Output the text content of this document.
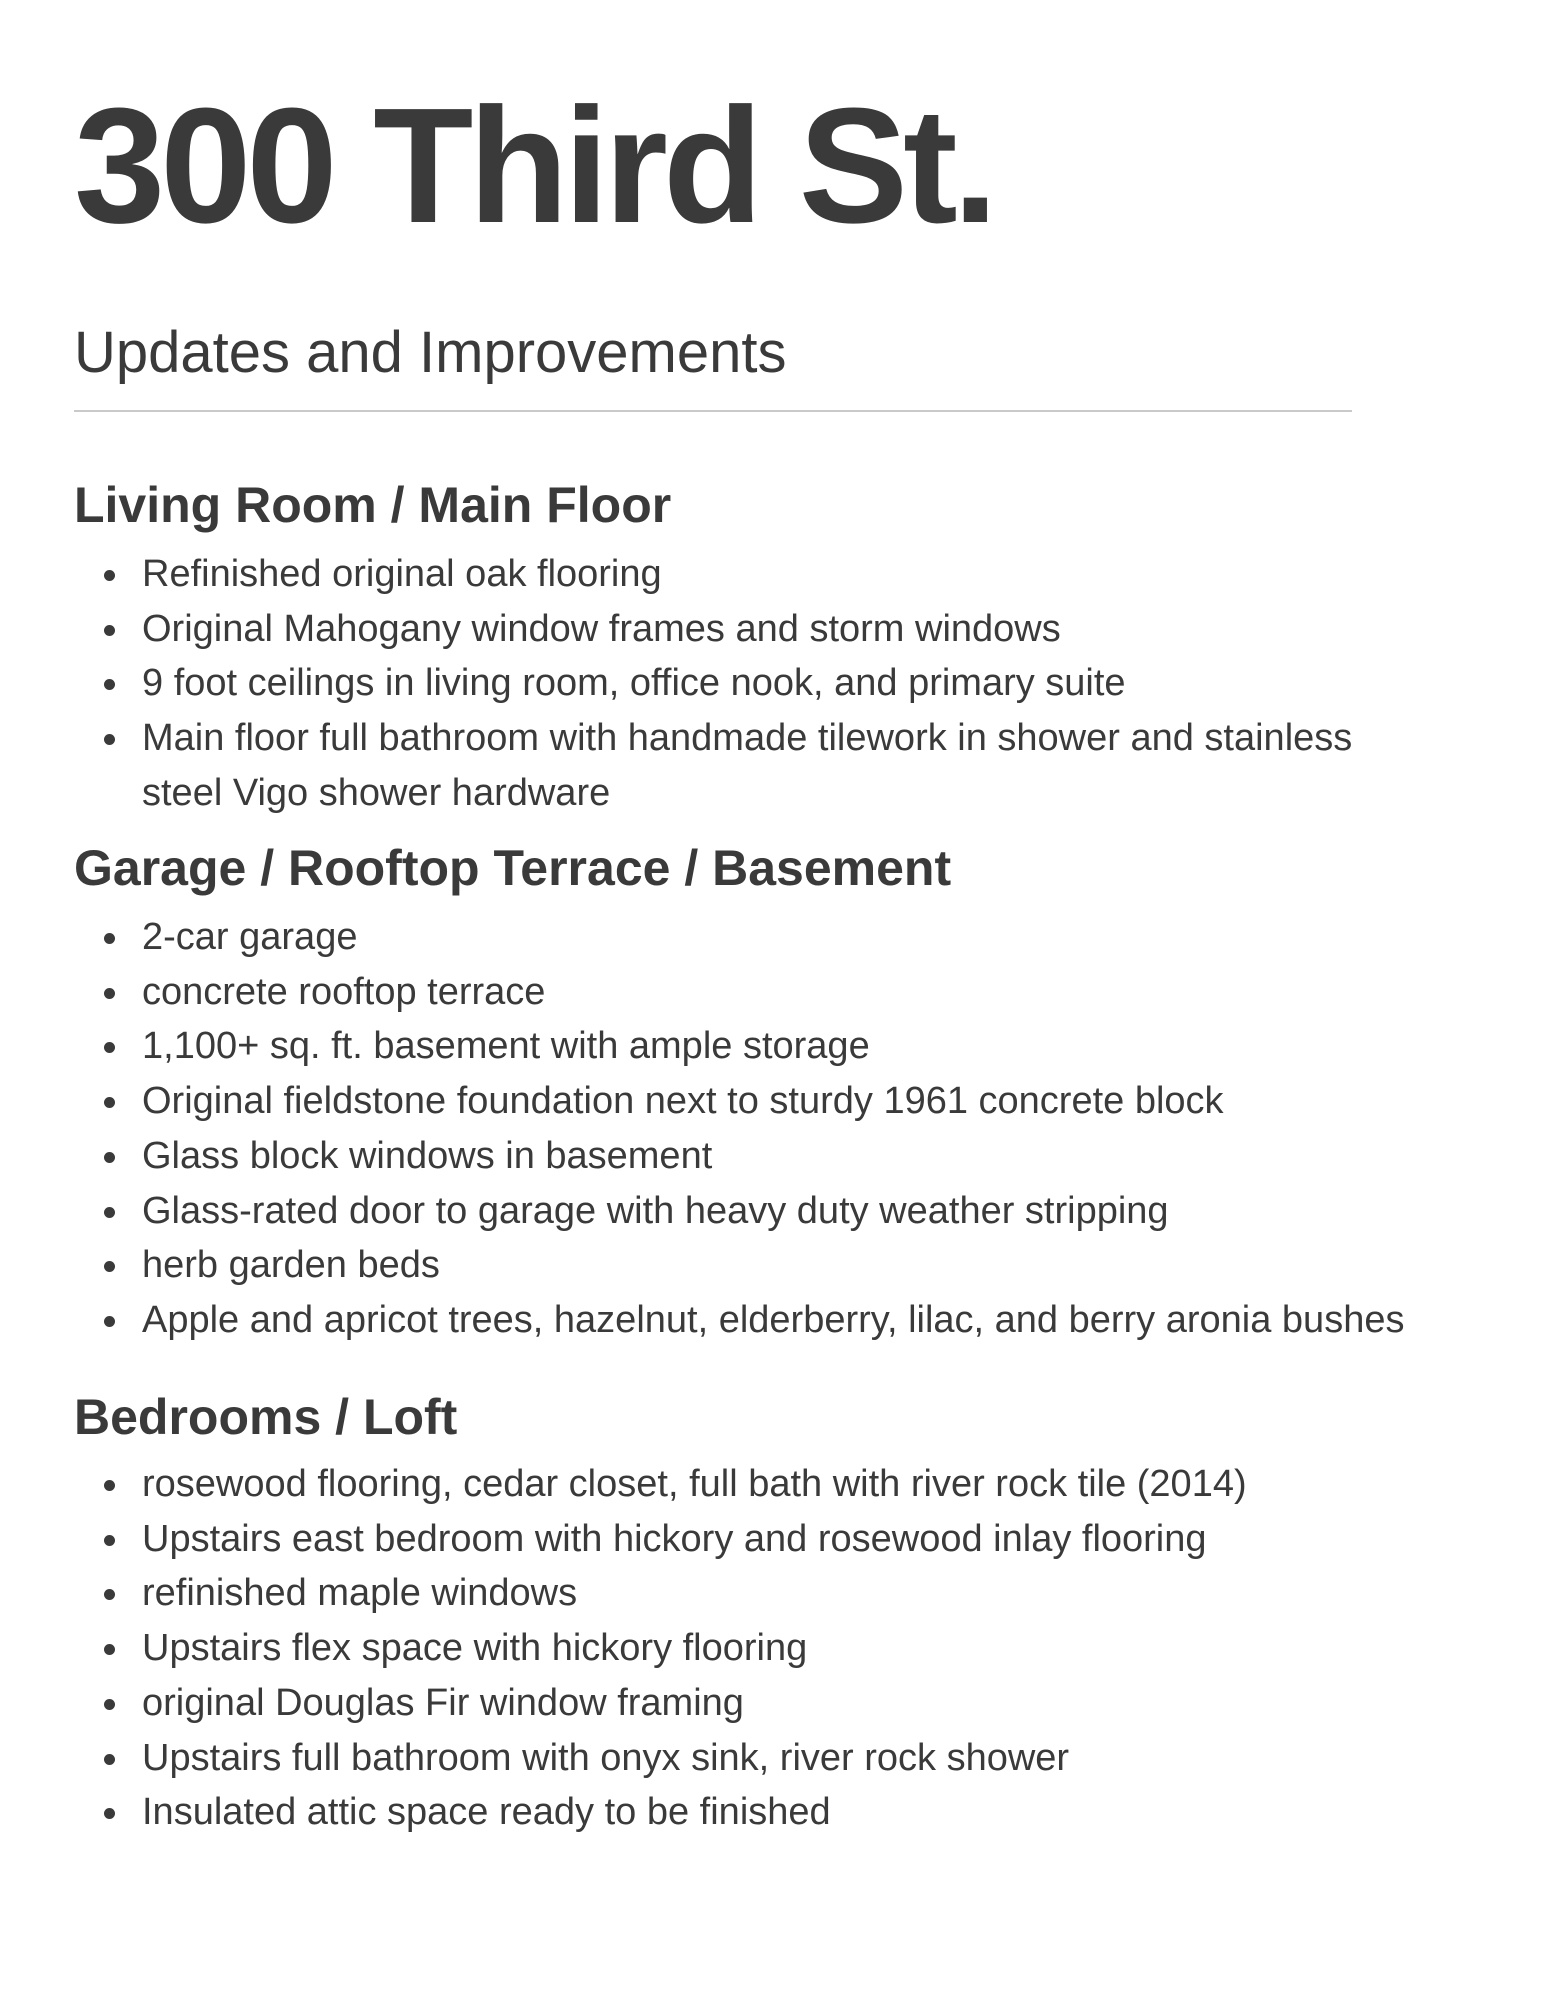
300 Third St.
Updates and Improvements
Living Room / Main Floor
Refinished original oak flooring
Original Mahogany window frames and storm windows
9 foot ceilings in living room, office nook, and primary suite
Main floor full bathroom with handmade tilework in shower and stainless steel Vigo shower hardware
Garage / Rooftop Terrace / Basement
2-car garage
concrete rooftop terrace
1,100+ sq. ft. basement with ample storage
Original fieldstone foundation next to sturdy 1961 concrete block
Glass block windows in basement
Glass-rated door to garage with heavy duty weather stripping
herb garden beds
Apple and apricot trees, hazelnut, elderberry, lilac, and berry aronia bushes
Bedrooms / Loft
rosewood flooring, cedar closet, full bath with river rock tile (2014)
Upstairs east bedroom with hickory and rosewood inlay flooring
refinished maple windows
Upstairs flex space with hickory flooring
original Douglas Fir window framing
Upstairs full bathroom with onyx sink, river rock shower
Insulated attic space ready to be finished
